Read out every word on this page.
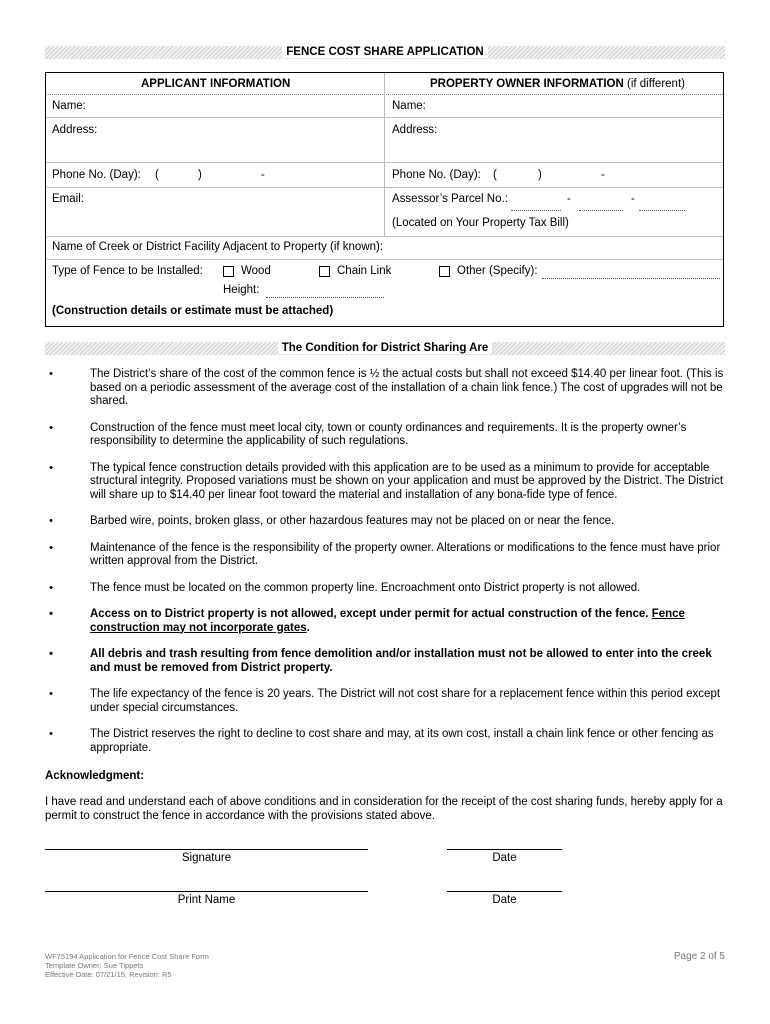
FENCE COST SHARE APPLICATION
APPLICANT INFORMATION	PROPERTY OWNER INFORMATION (if different)
Name:	Name:
Address:	Address:
Phone No. (Day): (	)	-	Phone No. (Day): (	)	-
Email:	Assessor’s Parcel No.:	-	-
(Located on Your Property Tax Bill)
Name of Creek or District Facility Adjacent to Property (if known):
Type of Fence to be Installed:	Wood	Chain Link	Other (Specify):
Height:
(Construction details or estimate must be attached)
The Condition for District Sharing Are
•	The District’s share of the cost of the common fence is ½ the actual costs but shall not exceed $14.40 per linear foot. (This is based on a periodic assessment of the average cost of the installation of a chain link fence.) The cost of upgrades will not be shared.
•	Construction of the fence must meet local city, town or county ordinances and requirements. It is the property owner’s responsibility to determine the applicability of such regulations.
•	The typical fence construction details provided with this application are to be used as a minimum to provide for acceptable structural integrity. Proposed variations must be shown on your application and must be approved by the District. The District will share up to $14.40 per linear foot toward the material and installation of any bona-fide type of fence.
•	Barbed wire, points, broken glass, or other hazardous features may not be placed on or near the fence.
•	Maintenance of the fence is the responsibility of the property owner. Alterations or modifications to the fence must have prior written approval from the District.
•	The fence must be located on the common property line. Encroachment onto District property is not allowed.
•	Access on to District property is not allowed, except under permit for actual construction of the fence. Fence construction may not incorporate gates.
•	All debris and trash resulting from fence demolition and/or installation must not be allowed to enter into the creek and must be removed from District property.
•	The life expectancy of the fence is 20 years. The District will not cost share for a replacement fence within this period except under special circumstances.
•	The District reserves the right to decline to cost share and may, at its own cost, install a chain link fence or other fencing as appropriate.
Acknowledgment:
I have read and understand each of above conditions and in consideration for the receipt of the cost sharing funds, hereby apply for a permit to construct the fence in accordance with the provisions stated above.
Signature	Date
Print Name	Date
WF75194 Application for Fence Cost Share Form
Template Owner: Sue Tippets
Effective Date: 07/21/15; Revision: R5
Page 2 of 5
